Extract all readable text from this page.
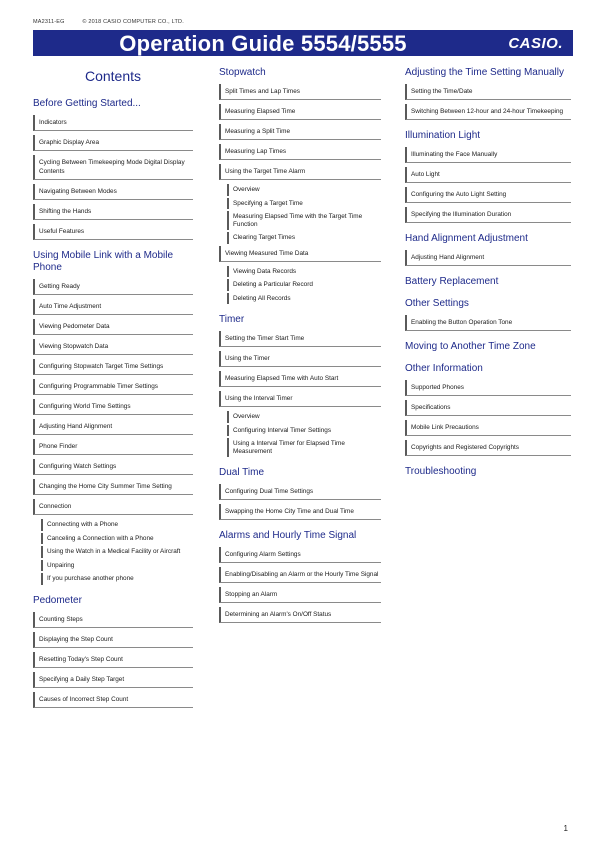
MA2311-EG	© 2018 CASIO COMPUTER CO., LTD.
Operation Guide 5554/5555	CASIO.
Contents
Before Getting Started...
Indicators
Graphic Display Area
Cycling Between Timekeeping Mode Digital Display Contents
Navigating Between Modes
Shifting the Hands
Useful Features
Using Mobile Link with a Mobile Phone
Getting Ready
Auto Time Adjustment
Viewing Pedometer Data
Viewing Stopwatch Data
Configuring Stopwatch Target Time Settings
Configuring Programmable Timer Settings
Configuring World Time Settings
Adjusting Hand Alignment
Phone Finder
Configuring Watch Settings
Changing the Home City Summer Time Setting
Connection
Connecting with a Phone
Canceling a Connection with a Phone
Using the Watch in a Medical Facility or Aircraft
Unpairing
If you purchase another phone
Pedometer
Counting Steps
Displaying the Step Count
Resetting Today's Step Count
Specifying a Daily Step Target
Causes of Incorrect Step Count
Stopwatch
Split Times and Lap Times
Measuring Elapsed Time
Measuring a Split Time
Measuring Lap Times
Using the Target Time Alarm
Overview
Specifying a Target Time
Measuring Elapsed Time with the Target Time Function
Clearing Target Times
Viewing Measured Time Data
Viewing Data Records
Deleting a Particular Record
Deleting All Records
Timer
Setting the Timer Start Time
Using the Timer
Measuring Elapsed Time with Auto Start
Using the Interval Timer
Overview
Configuring Interval Timer Settings
Using a Interval Timer for Elapsed Time Measurement
Dual Time
Configuring Dual Time Settings
Swapping the Home City Time and Dual Time
Alarms and Hourly Time Signal
Configuring Alarm Settings
Enabling/Disabling an Alarm or the Hourly Time Signal
Stopping an Alarm
Determining an Alarm's On/Off Status
Adjusting the Time Setting Manually
Setting the Time/Date
Switching Between 12-hour and 24-hour Timekeeping
Illumination Light
Illuminating the Face Manually
Auto Light
Configuring the Auto Light Setting
Specifying the Illumination Duration
Hand Alignment Adjustment
Adjusting Hand Alignment
Battery Replacement
Other Settings
Enabling the Button Operation Tone
Moving to Another Time Zone
Other Information
Supported Phones
Specifications
Mobile Link Precautions
Copyrights and Registered Copyrights
Troubleshooting
1
